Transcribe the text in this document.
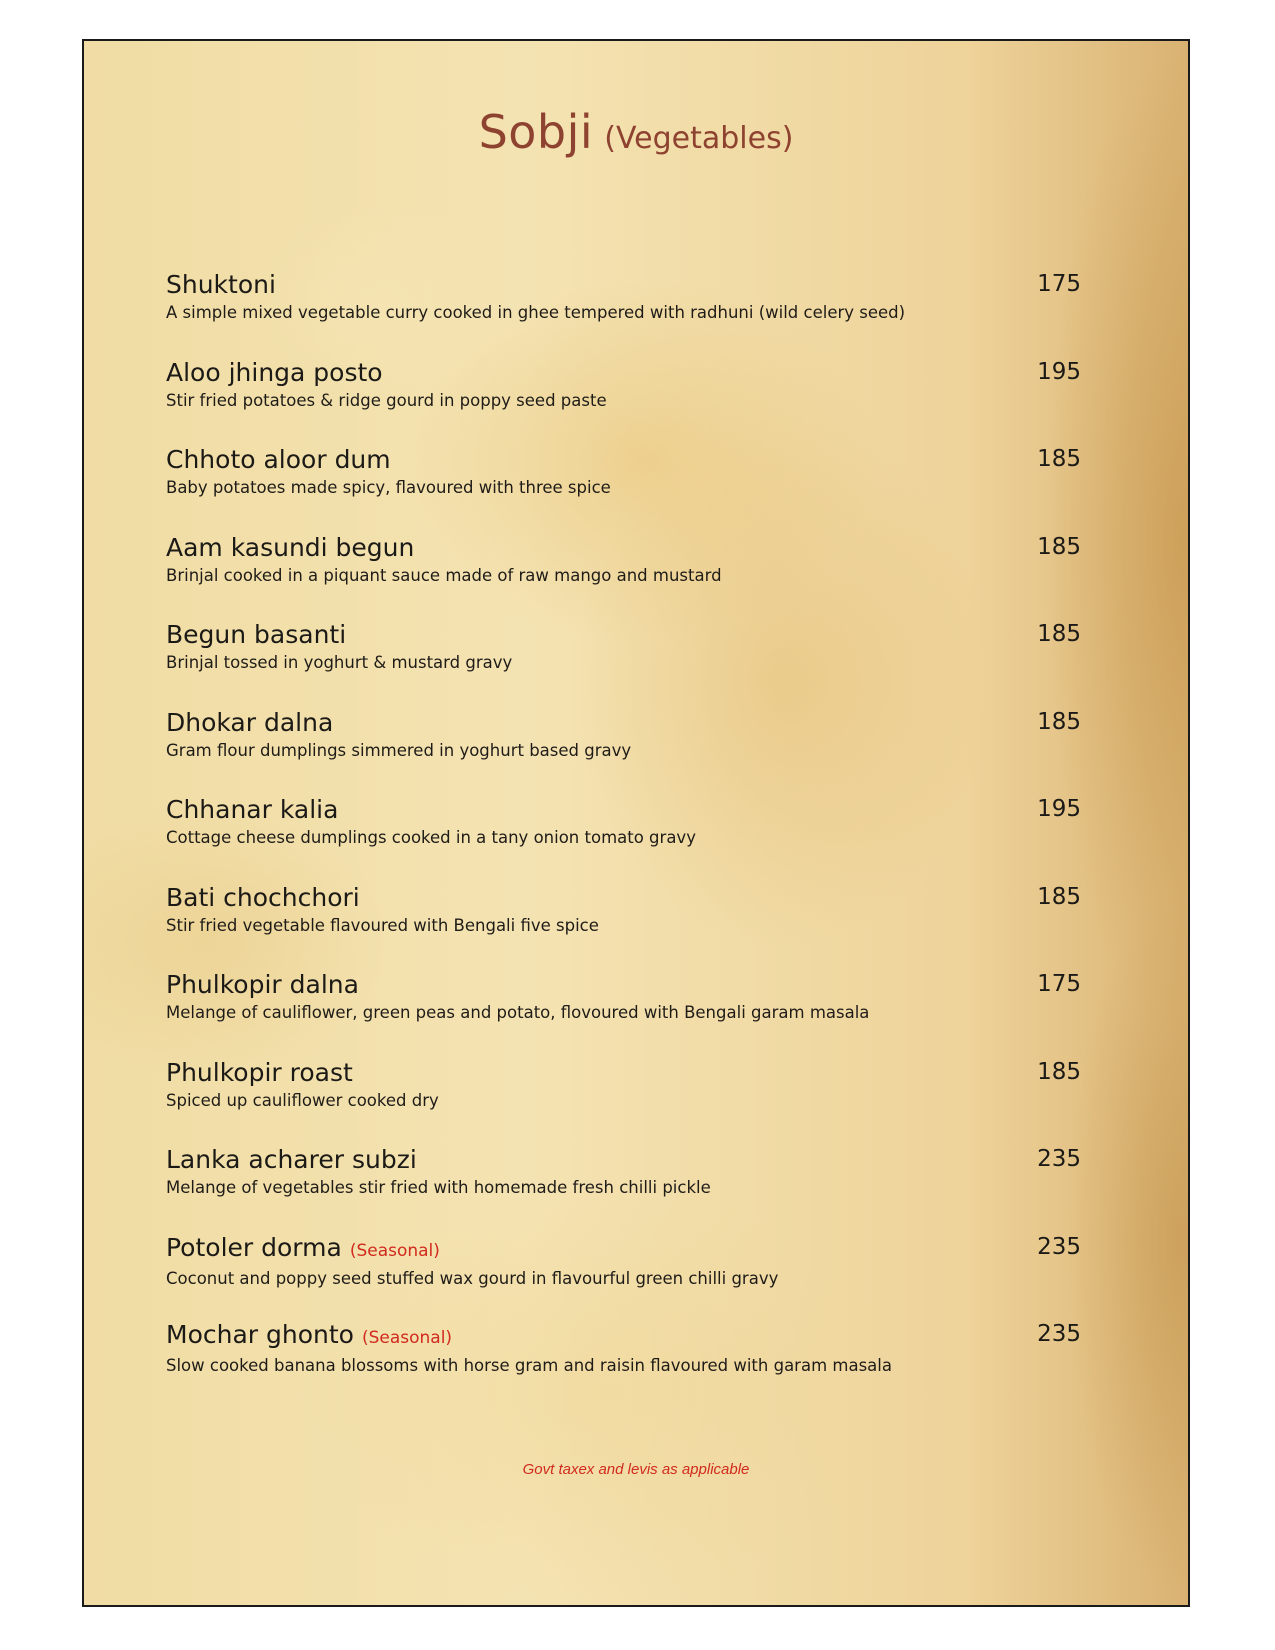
Sobji (Vegetables)
Shuktoni
A simple mixed vegetable curry cooked in ghee tempered with radhuni (wild celery seed)
175
Aloo jhinga posto
Stir fried potatoes & ridge gourd in poppy seed paste
195
Chhoto aloor dum
Baby potatoes made spicy, flavoured with three spice
185
Aam kasundi begun
Brinjal cooked in a piquant sauce made of raw mango and mustard
185
Begun basanti
Brinjal tossed in yoghurt & mustard gravy
185
Dhokar dalna
Gram flour dumplings simmered in yoghurt based gravy
185
Chhanar kalia
Cottage cheese dumplings cooked in a tany onion tomato gravy
195
Bati chochchori
Stir fried vegetable flavoured with Bengali five spice
185
Phulkopir dalna
Melange of cauliflower, green peas and potato, flovoured with Bengali garam masala
175
Phulkopir roast
Spiced up cauliflower cooked dry
185
Lanka acharer subzi
Melange of vegetables stir fried with homemade fresh chilli pickle
235
Potoler dorma (Seasonal)
Coconut and poppy seed stuffed wax gourd in flavourful green chilli gravy
235
Mochar ghonto (Seasonal)
Slow cooked banana blossoms with horse gram and raisin flavoured with garam masala
235
Govt taxex and levis as applicable
